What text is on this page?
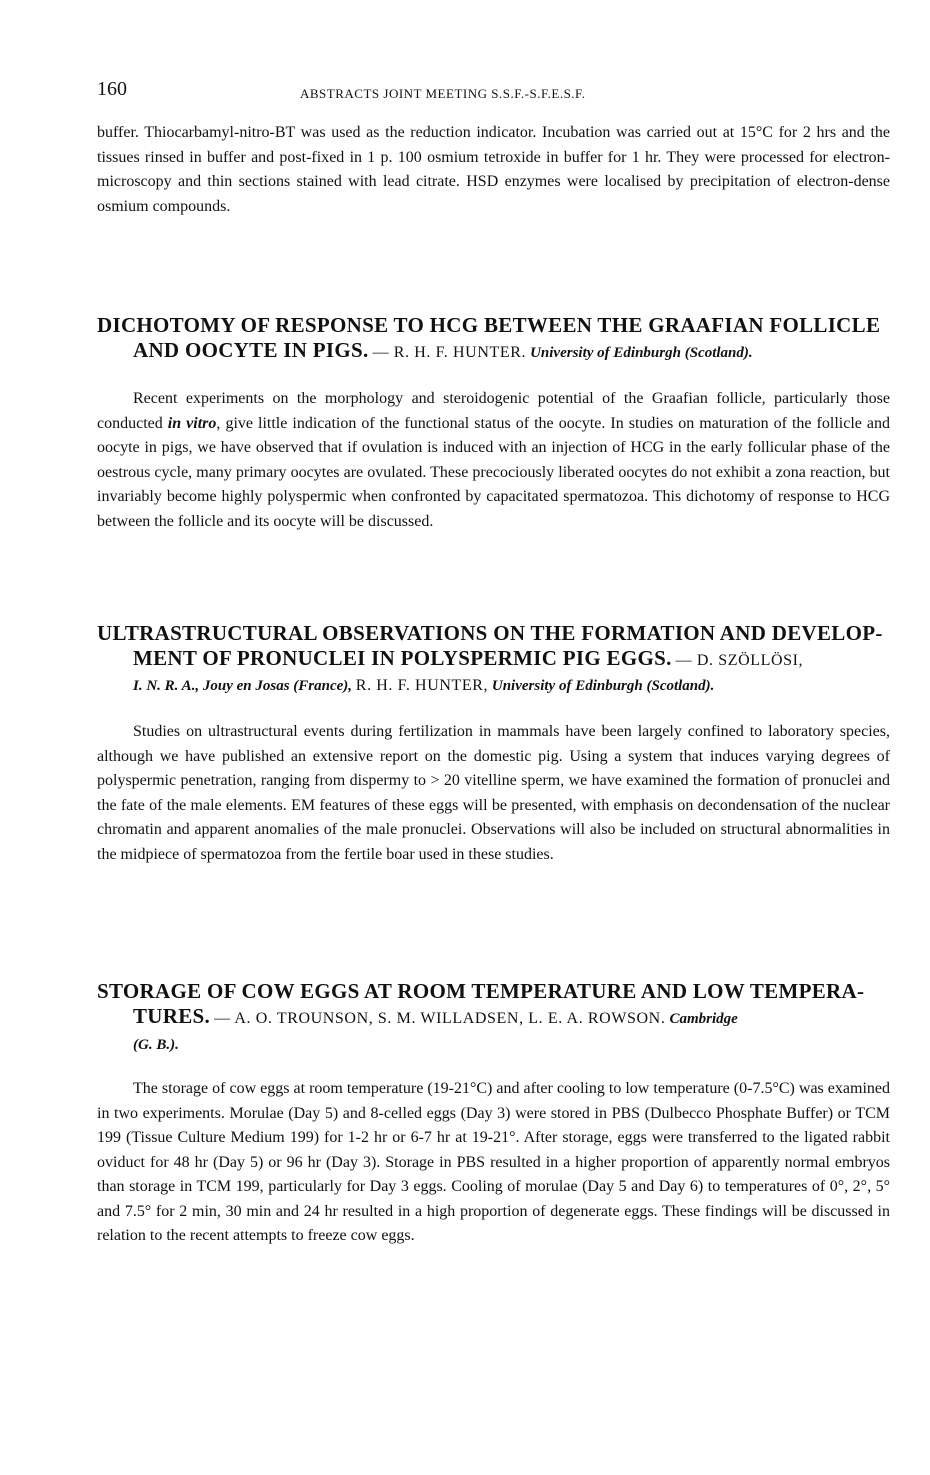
160	ABSTRACTS JOINT MEETING S.S.F.-S.F.E.S.F.

buffer. Thiocarbamyl-nitro-BT was used as the reduction indicator. Incubation was carried out at 15°C for 2 hrs and the tissues rinsed in buffer and post-fixed in 1 p. 100 osmium tetroxide in buffer for 1 hr. They were processed for electron-microscopy and thin sections stained with lead citrate. HSD enzymes were localised by precipitation of electron-dense osmium compounds.

DICHOTOMY OF RESPONSE TO HCG BETWEEN THE GRAAFIAN FOLLICLE
AND OOCYTE IN PIGS. — R. H. F. HUNTER. University of Edinburgh (Scotland).

Recent experiments on the morphology and steroidogenic potential of the Graafian follicle, particularly those conducted in vitro, give little indication of the functional status of the oocyte. In studies on maturation of the follicle and oocyte in pigs, we have observed that if ovulation is induced with an injection of HCG in the early follicular phase of the oestrous cycle, many primary oocytes are ovulated. These precociously liberated oocytes do not exhibit a zona reaction, but invariably become highly polyspermic when confronted by capacitated spermatozoa. This dichotomy of response to HCG between the follicle and its oocyte will be discussed.

ULTRASTRUCTURAL OBSERVATIONS ON THE FORMATION AND DEVELOP-
MENT OF PRONUCLEI IN POLYSPERMIC PIG EGGS. — D. SZÖLLÖSI,
I. N. R. A., Jouy en Josas (France), R. H. F. HUNTER, University of Edinburgh (Scotland).

Studies on ultrastructural events during fertilization in mammals have been largely confined to laboratory species, although we have published an extensive report on the domestic pig. Using a system that induces varying degrees of polyspermic penetration, ranging from dispermy to > 20 vitelline sperm, we have examined the formation of pronuclei and the fate of the male elements. EM features of these eggs will be presented, with emphasis on decondensation of the nuclear chromatin and apparent anomalies of the male pronuclei. Observations will also be included on structural abnormalities in the midpiece of spermatozoa from the fertile boar used in these studies.

STORAGE OF COW EGGS AT ROOM TEMPERATURE AND LOW TEMPERA-
TURES. — A. O. TROUNSON, S. M. WILLADSEN, L. E. A. ROWSON. Cambridge
(G. B.).

The storage of cow eggs at room temperature (19-21°C) and after cooling to low temperature (0-7.5°C) was examined in two experiments. Morulae (Day 5) and 8-celled eggs (Day 3) were stored in PBS (Dulbecco Phosphate Buffer) or TCM 199 (Tissue Culture Medium 199) for 1-2 hr or 6-7 hr at 19-21°. After storage, eggs were transferred to the ligated rabbit oviduct for 48 hr (Day 5) or 96 hr (Day 3). Storage in PBS resulted in a higher proportion of apparently normal embryos than storage in TCM 199, particularly for Day 3 eggs. Cooling of morulae (Day 5 and Day 6) to temperatures of 0°, 2°, 5° and 7.5° for 2 min, 30 min and 24 hr resulted in a high proportion of degenerate eggs. These findings will be discussed in relation to the recent attempts to freeze cow eggs.
